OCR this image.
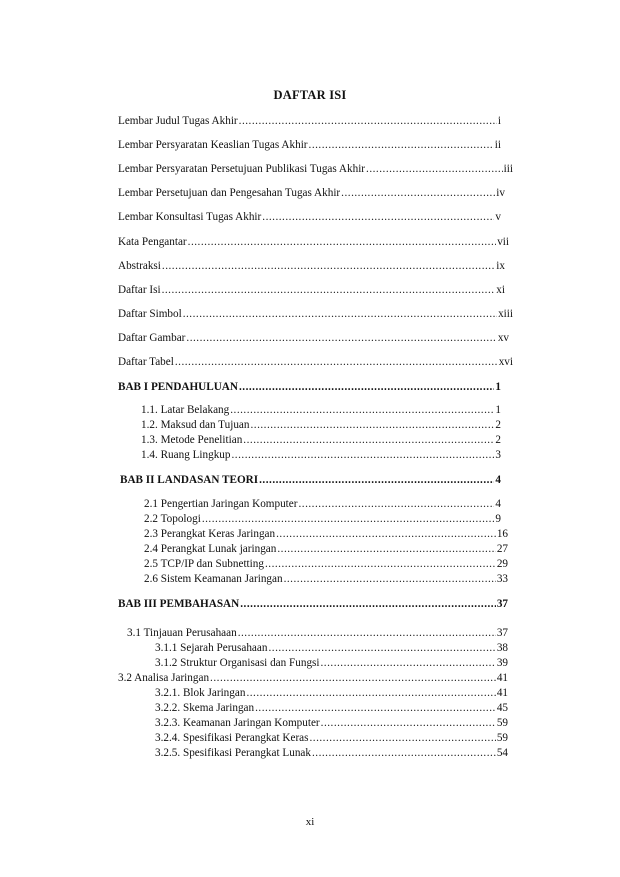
DAFTAR ISI
Lembar Judul Tugas Akhir .....	i
Lembar Persyaratan Keaslian Tugas Akhir .....	ii
Lembar Persyaratan Persetujuan Publikasi Tugas Akhir .....	iii
Lembar Persetujuan dan Pengesahan Tugas Akhir .....	iv
Lembar Konsultasi Tugas Akhir .....	v
Kata Pengantar .....	vii
Abstraksi .....	ix
Daftar Isi .....	xi
Daftar Simbol .....	xiii
Daftar Gambar .....	xv
Daftar Tabel .....	xvi
BAB I PENDAHULUAN .....	1
1.1. Latar Belakang .....	1
1.2. Maksud dan Tujuan .....	2
1.3. Metode Penelitian .....	2
1.4. Ruang Lingkup .....	3
BAB II LANDASAN TEORI .....	4
2.1 Pengertian Jaringan Komputer .....	4
2.2 Topologi .....	9
2.3 Perangkat Keras Jaringan .....	16
2.4 Perangkat Lunak jaringan .....	27
2.5 TCP/IP dan Subnetting .....	29
2.6 Sistem Keamanan Jaringan .....	33
BAB III PEMBAHASAN .....	37
3.1 Tinjauan Perusahaan .....	37
3.1.1 Sejarah Perusahaan .....	38
3.1.2 Struktur Organisasi dan Fungsi .....	39
3.2 Analisa Jaringan .....	41
3.2.1. Blok Jaringan .....	41
3.2.2. Skema Jaringan .....	45
3.2.3. Keamanan Jaringan Komputer .....	59
3.2.4. Spesifikasi Perangkat Keras .....	59
3.2.5. Spesifikasi Perangkat Lunak .....	54
xi
